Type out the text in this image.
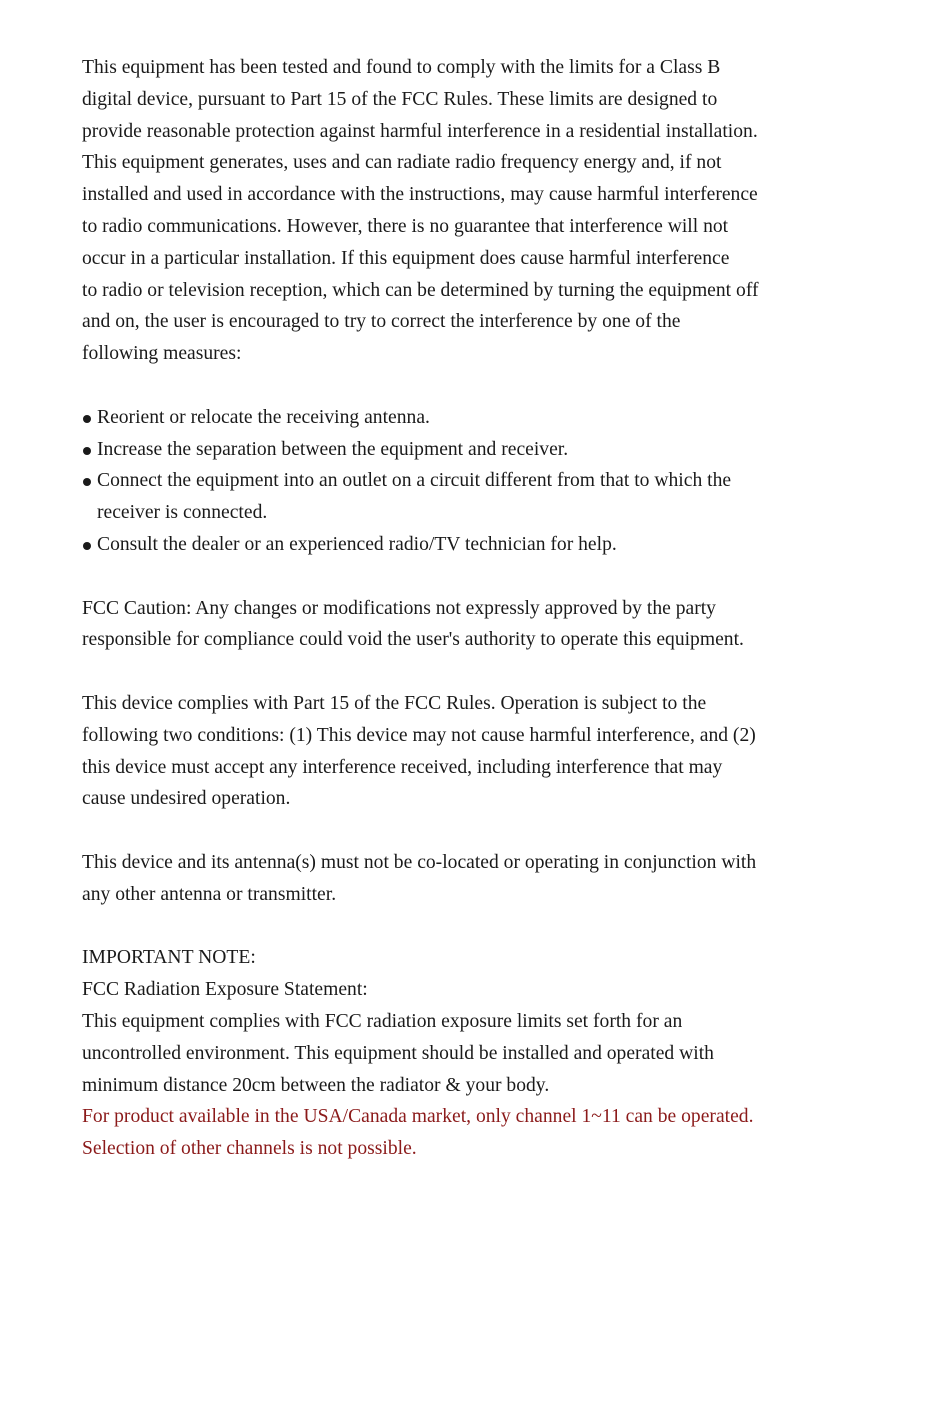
This equipment has been tested and found to comply with the limits for a Class B
digital device, pursuant to Part 15 of the FCC Rules. These limits are designed to
provide reasonable protection against harmful interference in a residential installation.
This equipment generates, uses and can radiate radio frequency energy and, if not
installed and used in accordance with the instructions, may cause harmful interference
to radio communications. However, there is no guarantee that interference will not
occur in a particular installation. If this equipment does cause harmful interference
to radio or television reception, which can be determined by turning the equipment off
and on, the user is encouraged to try to correct the interference by one of the
following measures:

Reorient or relocate the receiving antenna.
Increase the separation between the equipment and receiver.
Connect the equipment into an outlet on a circuit different from that to which the
receiver is connected.
Consult the dealer or an experienced radio/TV technician for help.

FCC Caution: Any changes or modifications not expressly approved by the party
responsible for compliance could void the user's authority to operate this equipment.

This device complies with Part 15 of the FCC Rules. Operation is subject to the
following two conditions: (1) This device may not cause harmful interference, and (2)
this device must accept any interference received, including interference that may
cause undesired operation.

This device and its antenna(s) must not be co-located or operating in conjunction with
any other antenna or transmitter.

IMPORTANT NOTE:

FCC Radiation Exposure Statement:

This equipment complies with FCC radiation exposure limits set forth for an
uncontrolled environment. This equipment should be installed and operated with
minimum distance 20cm between the radiator & your body.

For product available in the USA/Canada market, only channel 1~11 can be operated.
Selection of other channels is not possible.
